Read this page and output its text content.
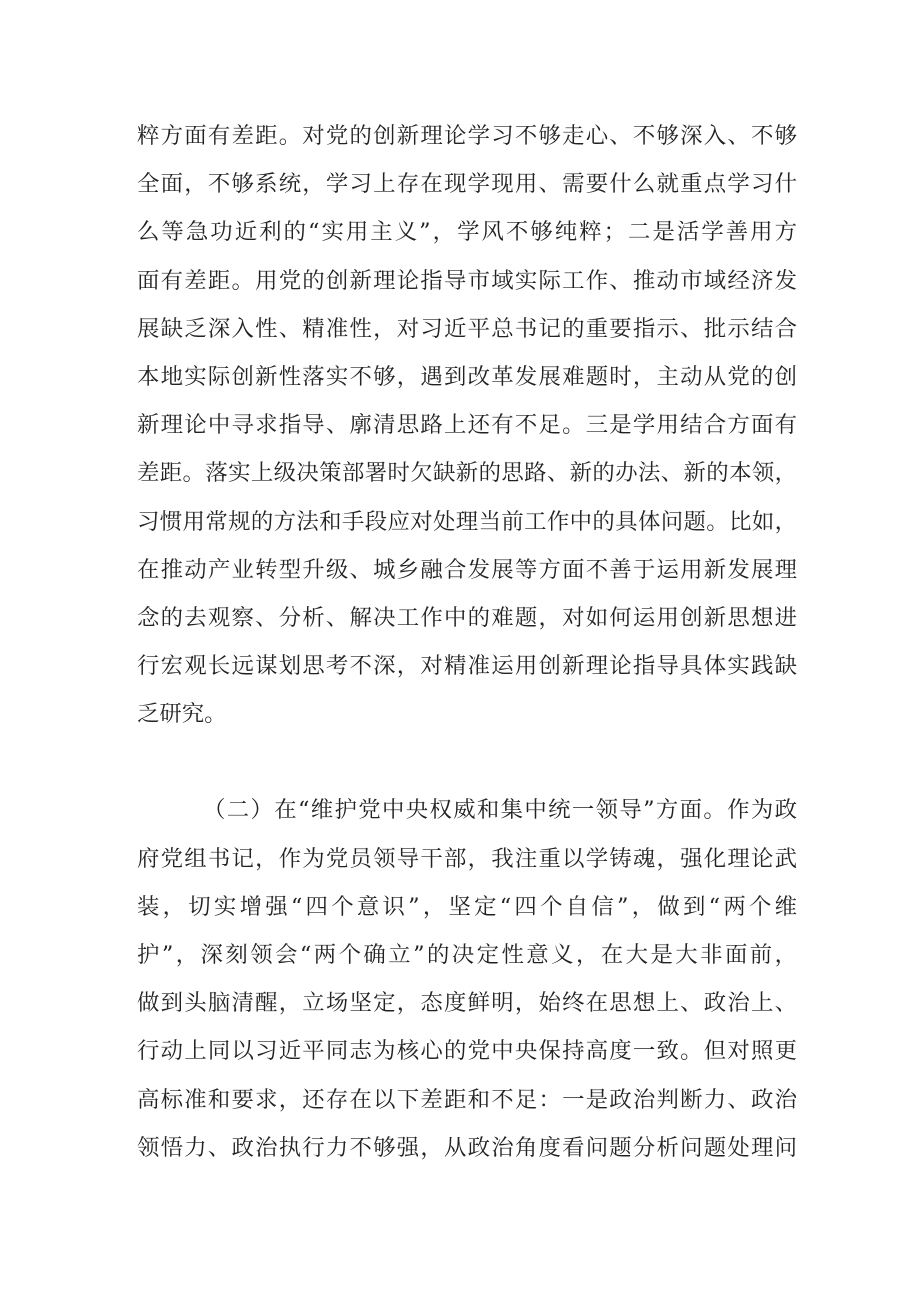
粹方面有差距。对党的创新理论学习不够走心、不够深入、不够
全面，不够系统，学习上存在现学现用、需要什么就重点学习什
么等急功近利的“实用主义”，学风不够纯粹；二是活学善用方
面有差距。用党的创新理论指导市域实际工作、推动市域经济发
展缺乏深入性、精准性，对习近平总书记的重要指示、批示结合
本地实际创新性落实不够，遇到改革发展难题时，主动从党的创
新理论中寻求指导、廓清思路上还有不足。三是学用结合方面有
差距。落实上级决策部署时欠缺新的思路、新的办法、新的本领，
习惯用常规的方法和手段应对处理当前工作中的具体问题。比如，
在推动产业转型升级、城乡融合发展等方面不善于运用新发展理
念的去观察、分析、解决工作中的难题，对如何运用创新思想进
行宏观长远谋划思考不深，对精准运用创新理论指导具体实践缺
乏研究。
（二）在“维护党中央权威和集中统一领导”方面。作为政
府党组书记，作为党员领导干部，我注重以学铸魂，强化理论武
装，切实增强“四个意识”，坚定“四个自信”，做到“两个维
护”，深刻领会“两个确立”的决定性意义，在大是大非面前，
做到头脑清醒，立场坚定，态度鲜明，始终在思想上、政治上、
行动上同以习近平同志为核心的党中央保持高度一致。但对照更
高标准和要求，还存在以下差距和不足：一是政治判断力、政治
领悟力、政治执行力不够强，从政治角度看问题分析问题处理问
